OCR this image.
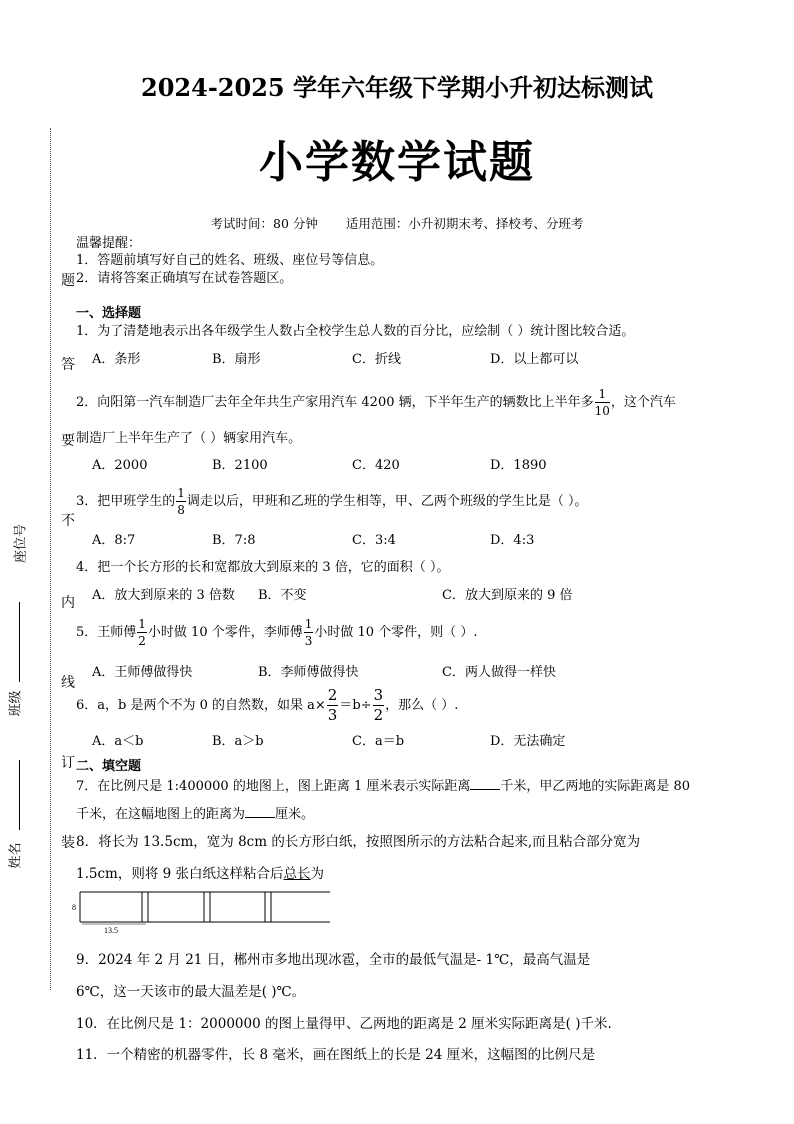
2024-2025 学年六年级下学期小升初达标测试
小学数学试题
考试时间：80 分钟 适用范围：小升初期末考、择校考、分班考
温馨提醒：
1．答题前填写好自己的姓名、班级、座位号等信息。
2．请将答案正确填写在试卷答题区。
题
答
要
不
内
线
订
装
座位号
班级
姓名
一、选择题
1．为了清楚地表示出各年级学生人数占全校学生总人数的百分比，应绘制（ ）统计图比较合适。
A．条形	B．扇形	C．折线	D．以上都可以
2．向阳第一汽车制造厂去年全年共生产家用汽车 4200 辆，下半年生产的辆数比上半年多 $\frac{1}{10}$ ，这个汽车
制造厂上半年生产了（ ）辆家用汽车。
A．2000	B．2100	C．420	D．1890
3．把甲班学生的 $\frac{1}{8}$ 调走以后，甲班和乙班的学生相等，甲、乙两个班级的学生比是（ ）。
A．8:7	B．7:8	C．3:4	D．4:3
4．把一个长方形的长和宽都放大到原来的 3 倍，它的面积（ ）。
A．放大到原来的 3 倍数 B．不变	C．放大到原来的 9 倍
5．王师傅 $\frac{1}{2}$ 小时做 10 个零件，李师傅 $\frac{1}{3}$ 小时做 10 个零件，则（ ）.
A．王师傅做得快	B．李师傅做得快	C．两人做得一样快
6．a，b 是两个不为 0 的自然数，如果 $a\times \frac{2}{3} =b\div \frac{3}{2}$ ，那么（ ）.
A．a＜b	B．a＞b	C．a＝b	D．无法确定
二、填空题
7．在比例尺是 1:400000 的地图上，图上距离 1 厘米表示实际距离 千米，甲乙两地的实际距离是 80
千米，在这幅地图上的距离为 厘米。
8．将长为 13.5cm，宽为 8cm 的长方形白纸，按照图所示的方法粘合起来,而且粘合部分宽为
1.5cm，则将 9 张白纸这样粘合后总长为
8
13.5
9．2024 年 2 月 21 日，郴州市多地出现冰雹，全市的最低气温是- 1℃，最高气温是
6℃，这一天该市的最大温差是( )℃。
10．在比例尺是 1：2000000 的图上量得甲、乙两地的距离是 2 厘米实际距离是( )千米.
11．一个精密的机器零件，长 8 毫米，画在图纸上的长是 24 厘米，这幅图的比例尺是
